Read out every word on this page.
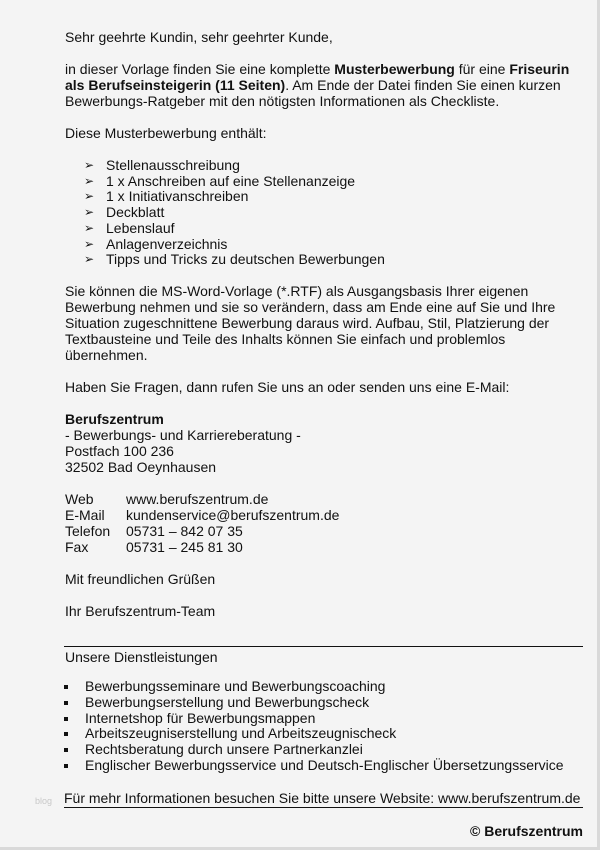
Sehr geehrte Kundin, sehr geehrter Kunde,

in dieser Vorlage finden Sie eine komplette Musterbewerbung für eine Friseurin als Berufseinsteigerin (11 Seiten). Am Ende der Datei finden Sie einen kurzen Bewerbungs-Ratgeber mit den nötigsten Informationen als Checkliste.

Diese Musterbewerbung enthält:

➢ Stellenausschreibung
➢ 1 x Anschreiben auf eine Stellenanzeige
➢ 1 x Initiativanschreiben
➢ Deckblatt
➢ Lebenslauf
➢ Anlagenverzeichnis
➢ Tipps und Tricks zu deutschen Bewerbungen

Sie können die MS-Word-Vorlage (*.RTF) als Ausgangsbasis Ihrer eigenen Bewerbung nehmen und sie so verändern, dass am Ende eine auf Sie und Ihre Situation zugeschnittene Bewerbung daraus wird. Aufbau, Stil, Platzierung der Textbausteine und Teile des Inhalts können Sie einfach und problemlos übernehmen.

Haben Sie Fragen, dann rufen Sie uns an oder senden uns eine E-Mail:

Berufszentrum

- Bewerbungs- und Karriereberatung -

Postfach 100 236

32502 Bad Oeynhausen

Web	www.berufszentrum.de
E-Mail	kundenservice@berufszentrum.de
Telefon	05731 – 842 07 35
Fax	05731 – 245 81 30

Mit freundlichen Grüßen

Ihr Berufszentrum-Team

Unsere Dienstleistungen
Bewerbungsseminare und Bewerbungscoaching
Bewerbungserstellung und Bewerbungscheck
Internetshop für Bewerbungsmappen
Arbeitszeugniserstellung und Arbeitszeugnischeck
Rechtsberatung durch unsere Partnerkanzlei
Englischer Bewerbungsservice und Deutsch-Englischer Übersetzungsservice
blog Für mehr Informationen besuchen Sie bitte unsere Website: www.berufszentrum.de
© Berufszentrum
